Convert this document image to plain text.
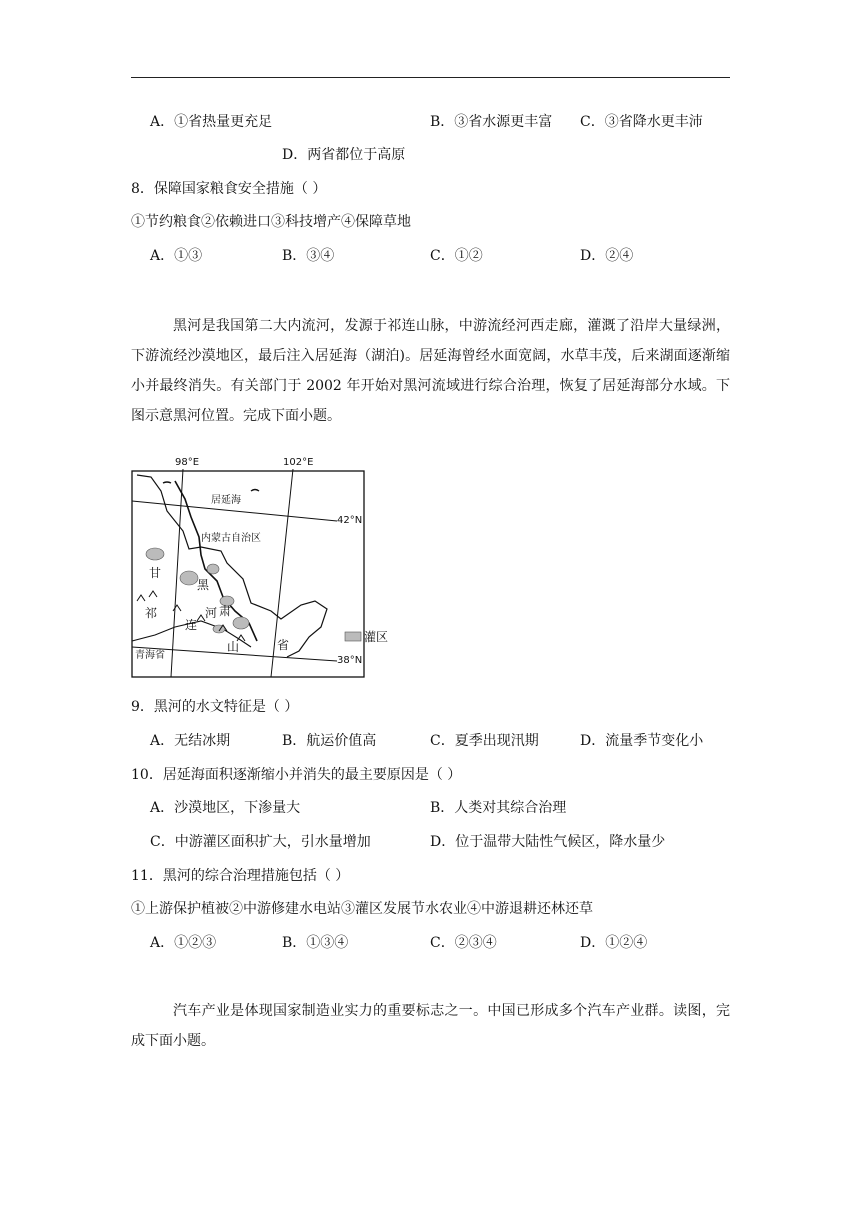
A．①省热量更充足	B．③省水源更丰富 C．③省降水更丰沛
D．两省都位于高原
8．保障国家粮食安全措施（ ）
①节约粮食②依赖进口③科技增产④保障草地
A．①③	B．③④	C．①②	D．②④
黑河是我国第二大内流河，发源于祁连山脉，中游流经河西走廊，灌溉了沿岸大量绿洲，下游流经沙漠地区，最后注入居延海（湖泊)。居延海曾经水面宽阔，水草丰茂，后来湖面逐渐缩小并最终消失。有关部门于 2002 年开始对黑河流域进行综合治理，恢复了居延海部分水域。下图示意黑河位置。完成下面小题。
98°E	102°E
42°N
38°N
居延海
内蒙古自治区
甘
肃
省
祁
连
山
黑
河
青海省
灌区
9．黑河的水文特征是（ ）
A．无结冰期	B．航运价值高	C．夏季出现汛期	D．流量季节变化小
10．居延海面积逐渐缩小并消失的最主要原因是（ ）
A．沙漠地区，下渗量大	B．人类对其综合治理
C．中游灌区面积扩大，引水量增加	D．位于温带大陆性气候区，降水量少
11．黑河的综合治理措施包括（ ）
①上游保护植被②中游修建水电站③灌区发展节水农业④中游退耕还林还草
A．①②③	B．①③④	C．②③④	D．①②④
汽车产业是体现国家制造业实力的重要标志之一。中国已形成多个汽车产业群。读图，完成下面小题。
